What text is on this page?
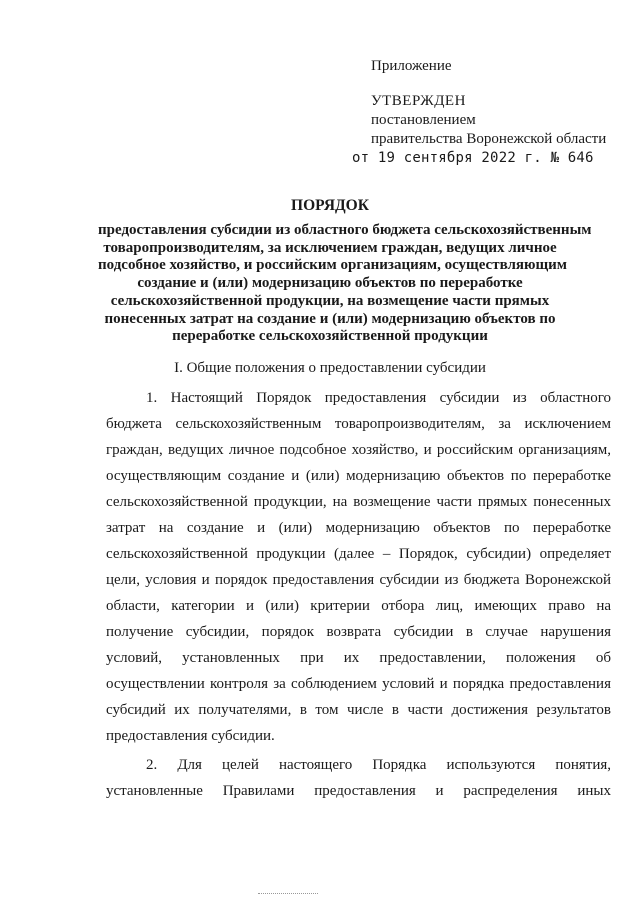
Приложение
УТВЕРЖДЕН
постановлением
правительства Воронежской области
от 19 сентября 2022 г. № 646
ПОРЯДОК
предоставления субсидии из областного бюджета сельскохозяйственным
товаропроизводителям, за исключением граждан, ведущих личное
подсобное хозяйство, и российским организациям, осуществляющим
создание и (или) модернизацию объектов по переработке
сельскохозяйственной продукции, на возмещение части прямых
понесенных затрат на создание и (или) модернизацию объектов по
переработке сельскохозяйственной продукции
I. Общие положения о предоставлении субсидии
1. Настоящий Порядок предоставления субсидии из областного
бюджета сельскохозяйственным товаропроизводителям, за исключением
граждан, ведущих личное подсобное хозяйство, и российским организациям,
осуществляющим создание и (или) модернизацию объектов по переработке
сельскохозяйственной продукции, на возмещение части прямых понесенных
затрат на создание и (или) модернизацию объектов по переработке
сельскохозяйственной продукции (далее – Порядок, субсидии) определяет
цели, условия и порядок предоставления субсидии из бюджета Воронежской
области, категории и (или) критерии отбора лиц, имеющих право на
получение субсидии, порядок возврата субсидии в случае нарушения
условий, установленных при их предоставлении, положения об
осуществлении контроля за соблюдением условий и порядка предоставления
субсидий их получателями, в том числе в части достижения результатов
предоставления субсидии.
2. Для целей настоящего Порядка используются понятия,
установленные Правилами предоставления и распределения иных
